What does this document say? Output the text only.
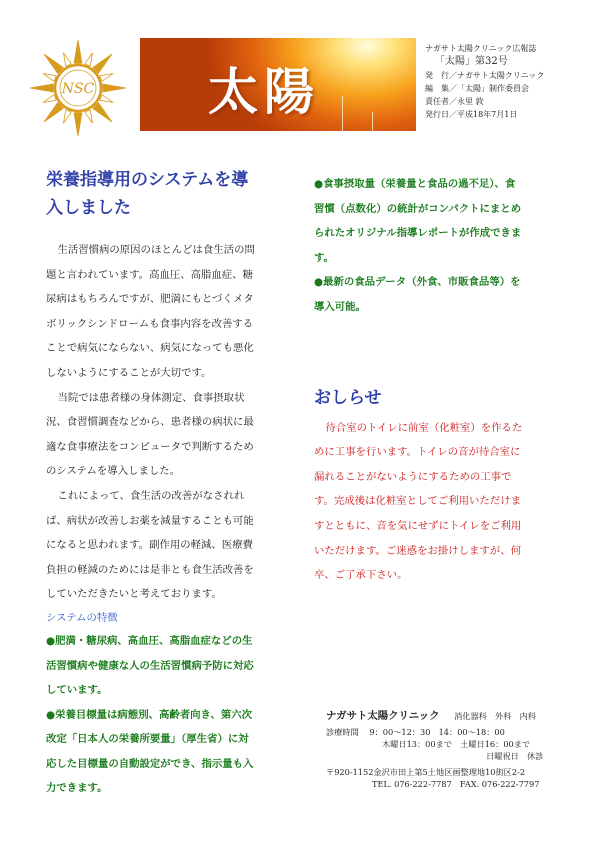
NSC 太陽
ナガサト太陽クリニック広報誌
「太陽」第32号
発　行／ナガサト太陽クリニック
編　集／「太陽」制作委員会
責任者／永里 敦
発行日／平成18年7月1日
栄養指導用のシステムを導
入しました

生活習慣病の原因のほとんどは食生活の問

題と言われています。高血圧、高脂血症、糖

尿病はもちろんですが、肥満にもとづくメタ

ボリックシンドロームも食事内容を改善する

ことで病気にならない、病気になっても悪化

しないようにすることが大切です。

当院では患者様の身体測定、食事摂取状

況、食習慣調査などから、患者様の病状に最

適な食事療法をコンピュータで判断するため

のシステムを導入しました。

これによって、食生活の改善がなされれ

ば、病状が改善しお薬を減量することも可能

になると思われます。副作用の軽減、医療費

負担の軽減のためには是非とも食生活改善を

していただきたいと考えております。

システムの特徴

●肥満・糖尿病、高血圧、高脂血症などの生

活習慣病や健康な人の生活習慣病予防に対応

しています。

●栄養目標量は病態別、高齢者向き、第六次

改定「日本人の栄養所要量」（厚生省）に対

応した目標量の自動設定ができ、指示量も入

力できます。

●食事摂取量（栄養量と食品の過不足）、食

習慣（点数化）の統計がコンパクトにまとめ

られたオリジナル指導レポートが作成できま

す。

●最新の食品データ（外食、市販食品等）を

導入可能。

おしらせ

待合室のトイレに前室（化粧室）を作るた

めに工事を行います。トイレの音が待合室に

漏れることがないようにするための工事で

す。完成後は化粧室としてご利用いただけま

すとともに、音を気にせずにトイレをご利用

いただけます。ご迷惑をお掛けしますが、何

卒、ご了承下さい。

ナガサト太陽クリニック 消化器科　外科　内科
診療時間 9：00～12：30　14：00～18：00
木曜日13：00まで　土曜日16：00まで
日曜祝日　休診
〒920-1152金沢市田上第5土地区画整理地10街区2-2
TEL. 076-222-7787　FAX. 076-222-7797
